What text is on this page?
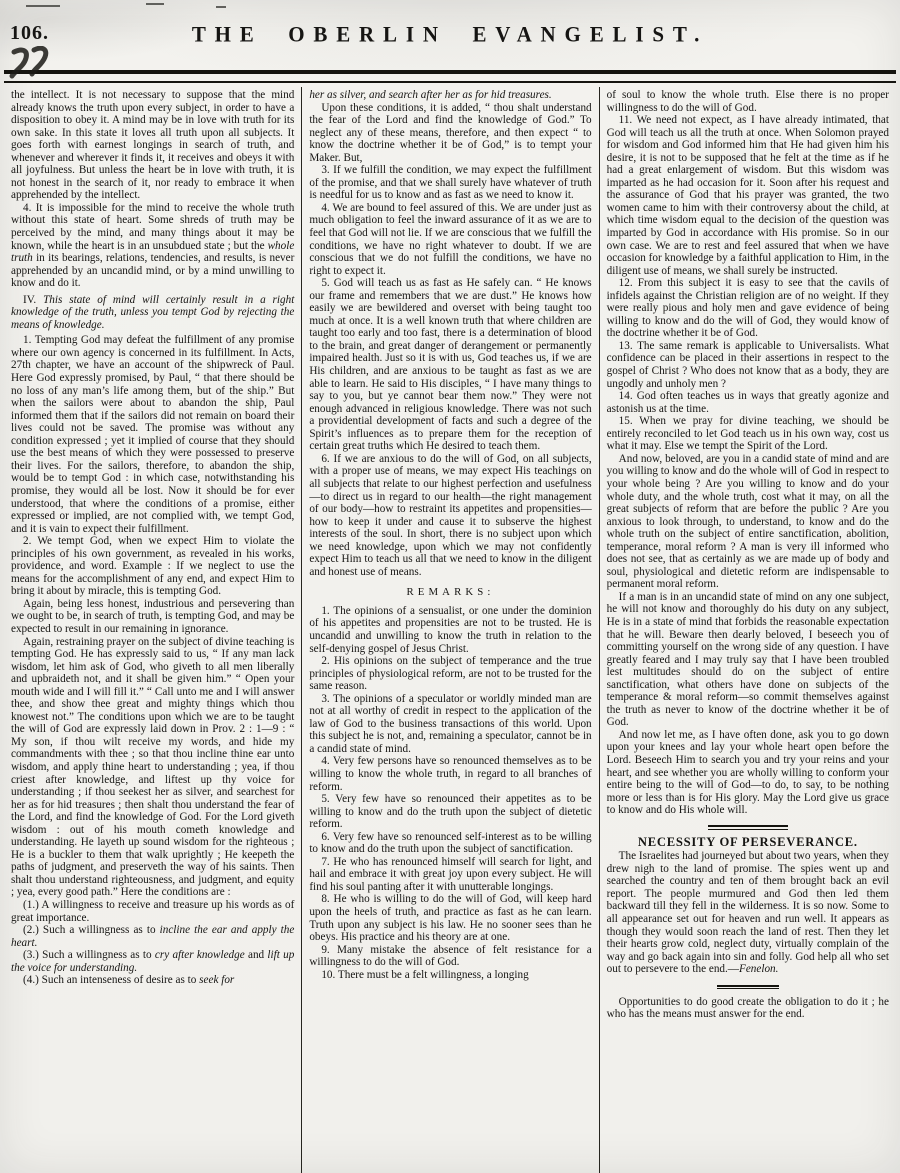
106.	THE OBERLIN EVANGELIST.

the intellect. It is not necessary to suppose that the mind already knows the truth upon every subject, in order to have a disposition to obey it. A mind may be in love with truth for its own sake. In this state it loves all truth upon all subjects. It goes forth with earnest longings in search of truth, and whenever and wherever it finds it, it receives and obeys it with all joyfulness. But unless the heart be in love with truth, it is not honest in the search of it, nor ready to embrace it when apprehended by the intellect.

4. It is impossible for the mind to receive the whole truth without this state of heart. Some shreds of truth may be perceived by the mind, and many things about it may be known, while the heart is in an unsubdued state ; but the whole truth in its bearings, relations, tendencies, and results, is never apprehended by an uncandid mind, or by a mind unwilling to know and do it.

IV. This state of mind will certainly result in a right knowledge of the truth, unless you tempt God by rejecting the means of knowledge.

1. Tempting God may defeat the fulfillment of any promise where our own agency is concerned in its fulfillment. In Acts, 27th chapter, we have an account of the shipwreck of Paul. Here God expressly promised, by Paul, “ that there should be no loss of any man’s life among them, but of the ship.” But when the sailors were about to abandon the ship, Paul informed them that if the sailors did not remain on board their lives could not be saved. The promise was without any condition expressed ; yet it implied of course that they should use the best means of which they were possessed to preserve their lives. For the sailors, therefore, to abandon the ship, would be to tempt God : in which case, notwithstanding his promise, they would all be lost. Now it should be for ever understood, that where the conditions of a promise, either expressed or implied, are not complied with, we tempt God, and it is vain to expect their fulfillment.

2. We tempt God, when we expect Him to violate the principles of his own government, as revealed in his works, providence, and word. Example : If we neglect to use the means for the accomplishment of any end, and expect Him to bring it about by miracle, this is tempting God.

Again, being less honest, industrious and persevering than we ought to be, in search of truth, is tempting God, and may be expected to result in our remaining in ignorance.

Again, restraining prayer on the subject of divine teaching is tempting God. He has expressly said to us, “ If any man lack wisdom, let him ask of God, who giveth to all men liberally and upbraideth not, and it shall be given him.” “ Open your mouth wide and I will fill it.” “ Call unto me and I will answer thee, and show thee great and mighty things which thou knowest not.” The conditions upon which we are to be taught the will of God are expressly laid down in Prov. 2 : 1—9 : “ My son, if thou wilt receive my words, and hide my commandments with thee ; so that thou incline thine ear unto wisdom, and apply thine heart to understanding ; yea, if thou criest after knowledge, and liftest up thy voice for understanding ; if thou seekest her as silver, and searchest for her as for hid treasures ; then shalt thou understand the fear of the Lord, and find the knowledge of God. For the Lord giveth wisdom : out of his mouth cometh knowledge and understanding. He layeth up sound wisdom for the righteous ; He is a buckler to them that walk uprightly ; He keepeth the paths of judgment, and preserveth the way of his saints. Then shalt thou understand righteousness, and judgment, and equity ; yea, every good path.” Here the conditions are :

(1.) A willingness to receive and treasure up his words as of great importance.

(2.) Such a willingness as to incline the ear and apply the heart.

(3.) Such a willingness as to cry after knowledge and lift up the voice for understanding.

(4.) Such an intenseness of desire as to seek for

her as silver, and search after her as for hid treasures.

Upon these conditions, it is added, “ thou shalt understand the fear of the Lord and find the knowledge of God.” To neglect any of these means, therefore, and then expect “ to know the doctrine whether it be of God,” is to tempt your Maker. But,

3. If we fulfill the condition, we may expect the fulfillment of the promise, and that we shall surely have whatever of truth is needful for us to know and as fast as we need to know it.

4. We are bound to feel assured of this. We are under just as much obligation to feel the inward assurance of it as we are to feel that God will not lie. If we are conscious that we fulfill the conditions, we have no right whatever to doubt. If we are conscious that we do not fulfill the conditions, we have no right to expect it.

5. God will teach us as fast as He safely can. “ He knows our frame and remembers that we are dust.” He knows how easily we are bewildered and overset with being taught too much at once. It is a well known truth that where children are taught too early and too fast, there is a determination of blood to the brain, and great danger of derangement or permanently impaired health. Just so it is with us, God teaches us, if we are His children, and are anxious to be taught as fast as we are able to learn. He said to His disciples, “ I have many things to say to you, but ye cannot bear them now.” They were not enough advanced in religious knowledge. There was not such a providential development of facts and such a degree of the Spirit’s influences as to prepare them for the reception of certain great truths which He desired to teach them.

6. If we are anxious to do the will of God, on all subjects, with a proper use of means, we may expect His teachings on all subjects that relate to our highest perfection and usefulness—to direct us in regard to our health—the right management of our body—how to restraint its appetites and propensities—how to keep it under and cause it to subserve the highest interests of the soul. In short, there is no subject upon which we need knowledge, upon which we may not confidently expect Him to teach us all that we need to know in the diligent and honest use of means.

REMARKS:

1. The opinions of a sensualist, or one under the dominion of his appetites and propensities are not to be trusted. He is uncandid and unwilling to know the truth in relation to the self-denying gospel of Jesus Christ.

2. His opinions on the subject of temperance and the true principles of physiological reform, are not to be trusted for the same reason.

3. The opinions of a speculator or worldly minded man are not at all worthy of credit in respect to the application of the law of God to the business transactions of this world. Upon this subject he is not, and, remaining a speculator, cannot be in a candid state of mind.

4. Very few persons have so renounced themselves as to be willing to know the whole truth, in regard to all branches of reform.

5. Very few have so renounced their appetites as to be willing to know and do the truth upon the subject of dietetic reform.

6. Very few have so renounced self-interest as to be willing to know and do the truth upon the subject of sanctification.

7. He who has renounced himself will search for light, and hail and embrace it with great joy upon every subject. He will find his soul panting after it with unutterable longings.

8. He who is willing to do the will of God, will keep hard upon the heels of truth, and practice as fast as he can learn. Truth upon any subject is his law. He no sooner sees than he obeys. His practice and his theory are at one.

9. Many mistake the absence of felt resistance for a willingness to do the will of God.

10. There must be a felt willingness, a longing

of soul to know the whole truth. Else there is no proper willingness to do the will of God.

11. We need not expect, as I have already intimated, that God will teach us all the truth at once. When Solomon prayed for wisdom and God informed him that He had given him his desire, it is not to be supposed that he felt at the time as if he had a great enlargement of wisdom. But this wisdom was imparted as he had occasion for it. Soon after his request and the assurance of God that his prayer was granted, the two women came to him with their controversy about the child, at which time wisdom equal to the decision of the question was imparted by God in accordance with His promise. So in our own case. We are to rest and feel assured that when we have occasion for knowledge by a faithful application to Him, in the diligent use of means, we shall surely be instructed.

12. From this subject it is easy to see that the cavils of infidels against the Christian religion are of no weight. If they were really pious and holy men and gave evidence of being willing to know and do the will of God, they would know of the doctrine whether it be of God.

13. The same remark is applicable to Universalists. What confidence can be placed in their assertions in respect to the gospel of Christ ? Who does not know that as a body, they are ungodly and unholy men ?

14. God often teaches us in ways that greatly agonize and astonish us at the time.

15. When we pray for divine teaching, we should be entirely reconciled to let God teach us in his own way, cost us what it may. Else we tempt the Spirit of the Lord.

And now, beloved, are you in a candid state of mind and are you willing to know and do the whole will of God in respect to your whole being ? Are you willing to know and do your whole duty, and the whole truth, cost what it may, on all the great subjects of reform that are before the public ? Are you anxious to look through, to understand, to know and do the whole truth on the subject of entire sanctification, abolition, temperance, moral reform ? A man is very ill informed who does not see, that as certainly as we are made up of body and soul, physiological and dietetic reform are indispensable to permanent moral reform.

If a man is in an uncandid state of mind on any one subject, he will not know and thoroughly do his duty on any subject, He is in a state of mind that forbids the reasonable expectation that he will. Beware then dearly beloved, I beseech you of committing yourself on the wrong side of any question. I have greatly feared and I may truly say that I have been troubled lest multitudes should do on the subject of entire sanctification, what others have done on subjects of the temperance & moral reform—so commit themselves against the truth as never to know of the doctrine whether it be of God.

And now let me, as I have often done, ask you to go down upon your knees and lay your whole heart open before the Lord. Beseech Him to search you and try your reins and your heart, and see whether you are wholly willing to conform your entire being to the will of God—to do, to say, to be nothing more or less than is for His glory. May the Lord give us grace to know and do His whole will.

NECESSITY OF PERSEVERANCE.

The Israelites had journeyed but about two years, when they drew nigh to the land of promise. The spies went up and searched the country and ten of them brought back an evil report. The people murmured and God then led them backward till they fell in the wilderness. It is so now. Some to all appearance set out for heaven and run well. It appears as though they would soon reach the land of rest. Then they let their hearts grow cold, neglect duty, virtually complain of the way and go back again into sin and folly. God help all who set out to persevere to the end.—Fenelon.

Opportunities to do good create the obligation to do it ; he who has the means must answer for the end.
